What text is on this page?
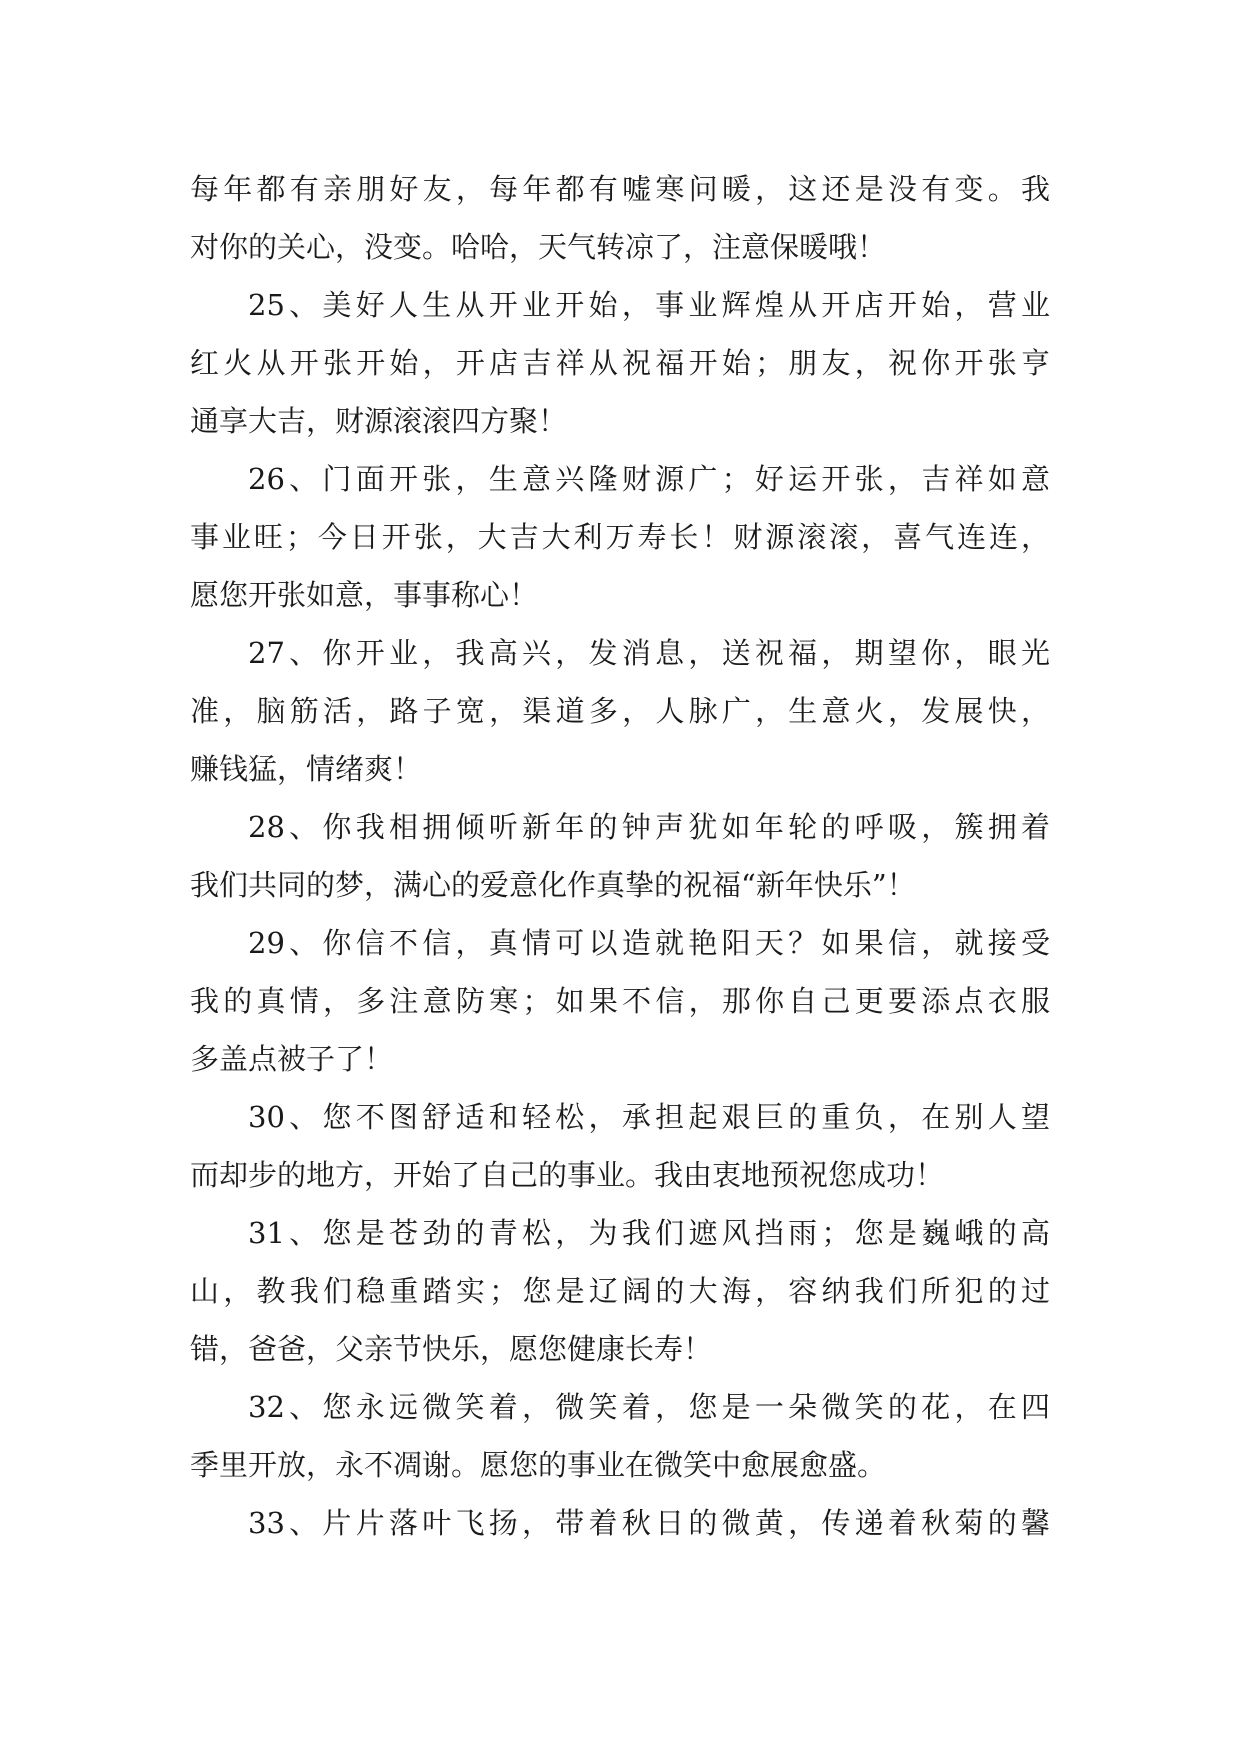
每年都有亲朋好友，每年都有嘘寒问暖，这还是没有变。我
对你的关心，没变。哈哈，天气转凉了，注意保暖哦！
25、美好人生从开业开始，事业辉煌从开店开始，营业
红火从开张开始，开店吉祥从祝福开始；朋友，祝你开张亨
通享大吉，财源滚滚四方聚！
26、门面开张，生意兴隆财源广；好运开张，吉祥如意
事业旺；今日开张，大吉大利万寿长！财源滚滚，喜气连连，
愿您开张如意，事事称心！
27、你开业，我高兴，发消息，送祝福，期望你，眼光
准，脑筋活，路子宽，渠道多，人脉广，生意火，发展快，
赚钱猛，情绪爽！
28、你我相拥倾听新年的钟声犹如年轮的呼吸，簇拥着
我们共同的梦，满心的爱意化作真挚的祝福“新年快乐”！
29、你信不信，真情可以造就艳阳天？如果信，就接受
我的真情，多注意防寒；如果不信，那你自己更要添点衣服
多盖点被子了！
30、您不图舒适和轻松，承担起艰巨的重负，在别人望
而却步的地方，开始了自己的事业。我由衷地预祝您成功！
31、您是苍劲的青松，为我们遮风挡雨；您是巍峨的高
山，教我们稳重踏实；您是辽阔的大海，容纳我们所犯的过
错，爸爸，父亲节快乐，愿您健康长寿！
32、您永远微笑着，微笑着，您是一朵微笑的花，在四
季里开放，永不凋谢。愿您的事业在微笑中愈展愈盛。
33、片片落叶飞扬，带着秋日的微黄，传递着秋菊的馨
